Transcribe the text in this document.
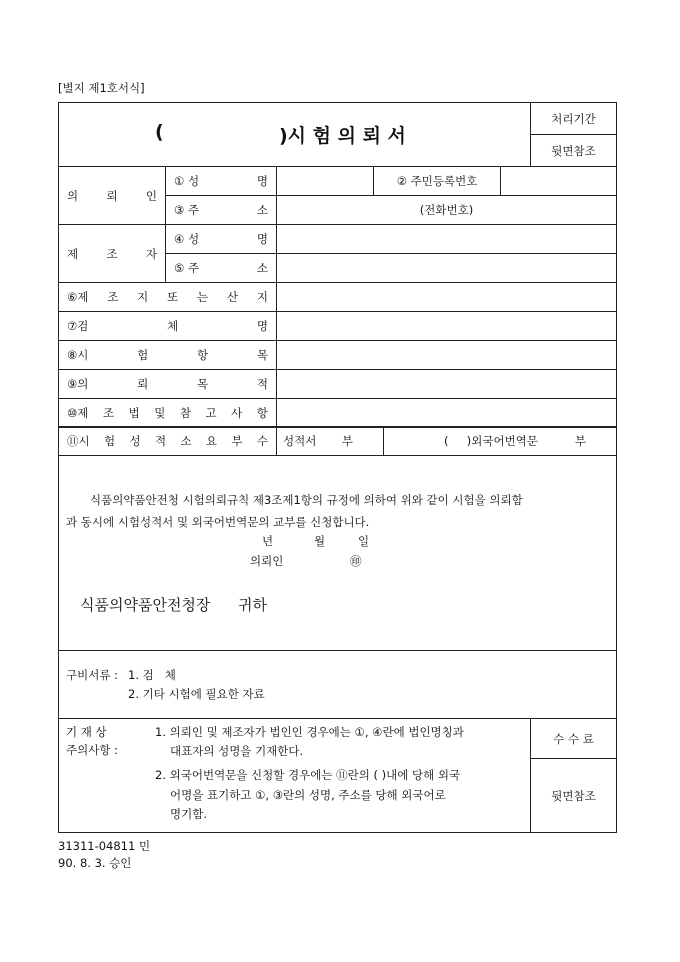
[별지 제1호서식]
(	)시 험 의 뢰 서
처리기간
뒷면참조
의 뢰 인
① 성	명	② 주민등록번호
③ 주	소	(전화번호)
제 조 자
④ 성	명
⑤ 주	소
⑥제 조 지 또 는 산 지
⑦검	체	명
⑧시	험	항	목
⑨의	뢰	목	적
⑩제 조 법 및 참 고 사 항
⑪시 험 성 적 소 요 부 수 성적서 부	(     )외국어번역문	부
식품의약품안전청 시험의뢰규칙 제3조제1항의 규정에 의하여 위와 같이 시험을 의뢰함
과 동시에 시험성적서 및 외국어번역문의 교부를 신청합니다.
년	월	일
의뢰인	㊞
식품의약품안전청장 귀하
구비서류 : 1. 검   체
2. 기타 시험에 필요한 자료
기 재 상
주의사항 :
1. 의뢰인 및 제조자가 법인인 경우에는 ①, ④란에 법인명칭과
대표자의 성명을 기재한다.
2. 외국어번역문을 신청할 경우에는 ⑪란의 ( )내에 당해 외국
어명을 표기하고 ①, ③란의 성명, 주소를 당해 외국어로
명기함.
수 수 료
뒷면참조
31311-04811 민
90. 8. 3. 승인
